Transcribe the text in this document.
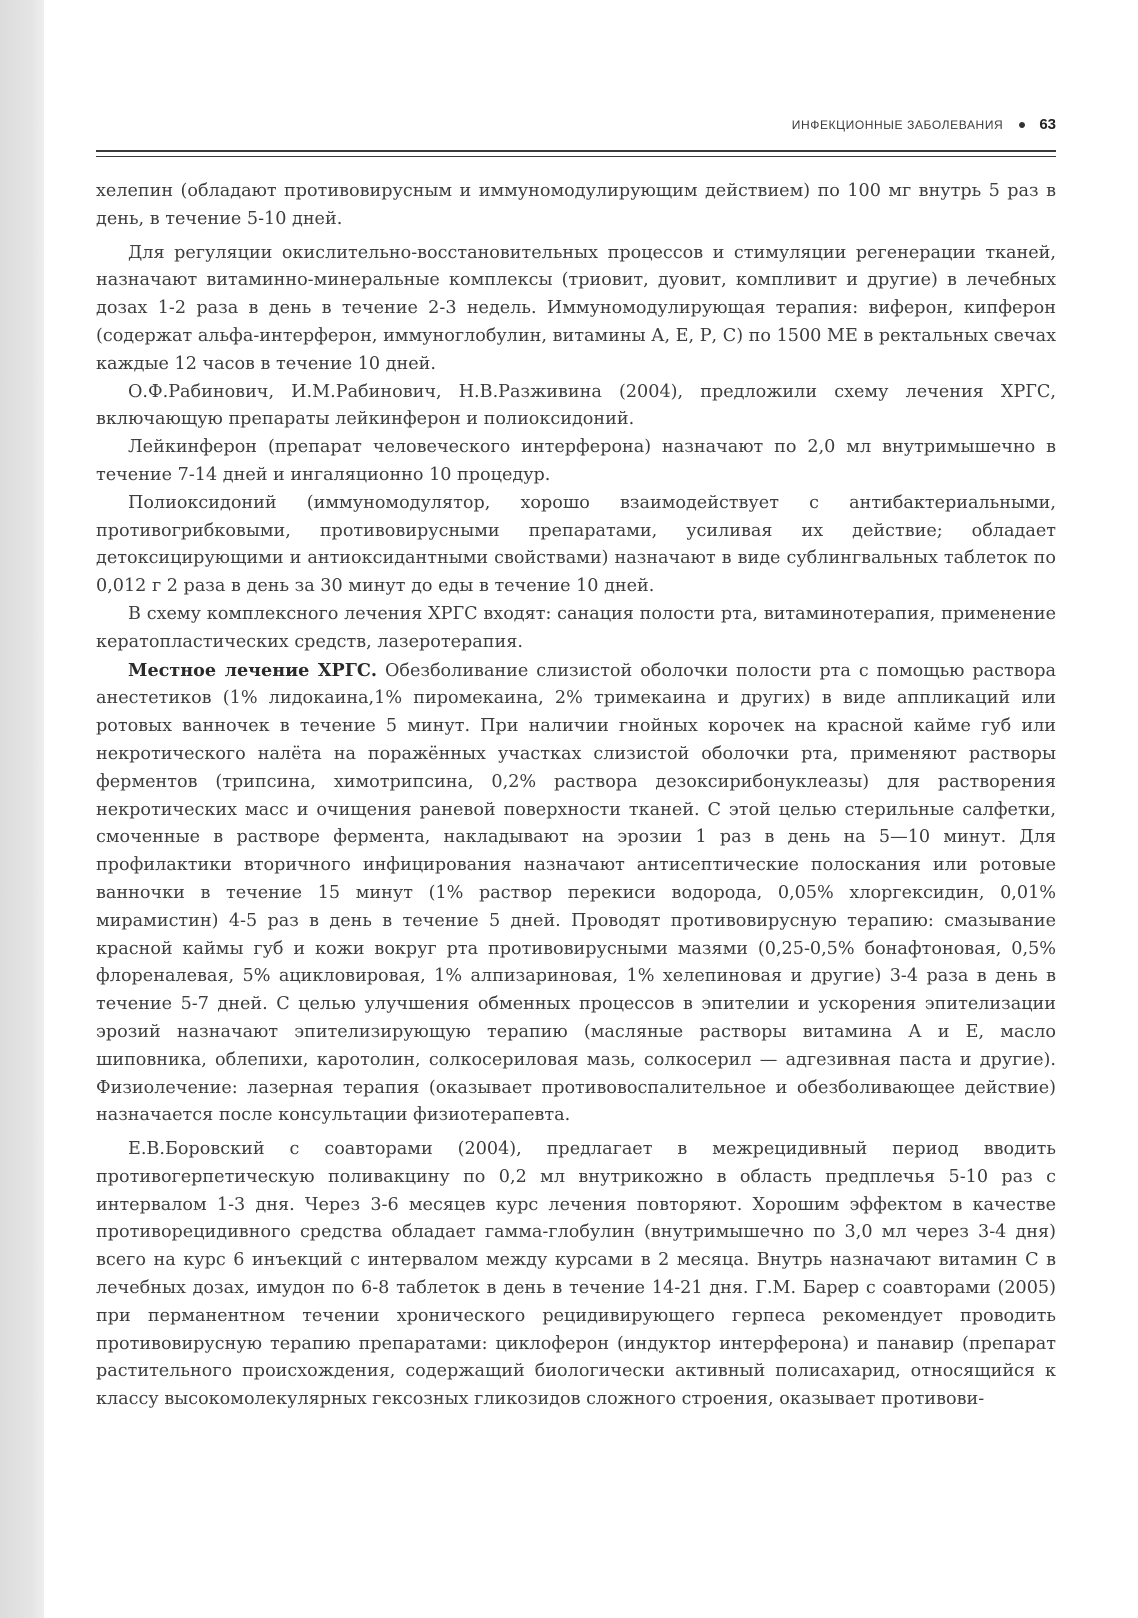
ИНФЕКЦИОННЫЕ ЗАБОЛЕВАНИЯ 63

хелепин (обладают противовирусным и иммуномодулирующим действием) по 100 мг внутрь 5 раз в день, в течение 5-10 дней.

Для регуляции окислительно-восстановительных процессов и стимуляции регенерации тканей, назначают витаминно-минеральные комплексы (триовит, дуовит, компливит и другие) в лечебных дозах 1-2 раза в день в течение 2-3 недель. Иммуномодулирующая терапия: виферон, кипферон (содержат альфа-интерферон, иммуноглобулин, витамины А, Е, Р, С) по 1500 МЕ в ректальных свечах каждые 12 часов в течение 10 дней.

О.Ф.Рабинович, И.М.Рабинович, Н.В.Разживина (2004), предложили схему лечения ХРГС, включающую препараты лейкинферон и полиоксидоний.

Лейкинферон (препарат человеческого интерферона) назначают по 2,0 мл внутримышечно в течение 7-14 дней и ингаляционно 10 процедур.

Полиоксидоний (иммуномодулятор, хорошо взаимодействует с антибактериальными, противогрибковыми, противовирусными препаратами, усиливая их действие; обладает детоксицирующими и антиоксидантными свойствами) назначают в виде сублингвальных таблеток по 0,012 г 2 раза в день за 30 минут до еды в течение 10 дней.

В схему комплексного лечения ХРГС входят: санация полости рта, витаминотерапия, применение кератопластических средств, лазеротерапия.

Местное лечение ХРГС. Обезболивание слизистой оболочки полости рта с помощью раствора анестетиков (1% лидокаина,1% пиромекаина, 2% тримекаина и других) в виде аппликаций или ротовых ванночек в течение 5 минут. При наличии гнойных корочек на красной кайме губ или некротического налёта на поражённых участках слизистой оболочки рта, применяют растворы ферментов (трипсина, химотрипсина, 0,2% раствора дезоксирибонуклеазы) для растворения некротических масс и очищения раневой поверхности тканей. С этой целью стерильные салфетки, смоченные в растворе фермента, накладывают на эрозии 1 раз в день на 5—10 минут. Для профилактики вторичного инфицирования назначают антисептические полоскания или ротовые ванночки в течение 15 минут (1% раствор перекиси водорода, 0,05% хлоргексидин, 0,01% мирамистин) 4-5 раз в день в течение 5 дней. Проводят противовирусную терапию: смазывание красной каймы губ и кожи вокруг рта противовирусными мазями (0,25-0,5% бонафтоновая, 0,5% флореналевая, 5% ацикловировая, 1% алпизариновая, 1% хелепиновая и другие) 3-4 раза в день в течение 5-7 дней. С целью улучшения обменных процессов в эпителии и ускорения эпителизации эрозий назначают эпителизирующую терапию (масляные растворы витамина А и Е, масло шиповника, облепихи, каротолин, солкосериловая мазь, солкосерил — адгезивная паста и другие). Физиолечение: лазерная терапия (оказывает противовоспалительное и обезболивающее действие) назначается после консультации физиотерапевта.

Е.В.Боровский с соавторами (2004), предлагает в межрецидивный период вводить противогерпетическую поливакцину по 0,2 мл внутрикожно в область предплечья 5-10 раз с интервалом 1-3 дня. Через 3-6 месяцев курс лечения повторяют. Хорошим эффектом в качестве противорецидивного средства обладает гамма-глобулин (внутримышечно по 3,0 мл через 3-4 дня) всего на курс 6 инъекций с интервалом между курсами в 2 месяца. Внутрь назначают витамин С в лечебных дозах, имудон по 6-8 таблеток в день в течение 14-21 дня. Г.М. Барер с соавторами (2005) при перманентном течении хронического рецидивирующего герпеса рекомендует проводить противовирусную терапию препаратами: циклоферон (индуктор интерферона) и панавир (препарат растительного происхождения, содержащий биологически активный полисахарид, относящийся к классу высокомолекулярных гексозных гликозидов сложного строения, оказывает противови-
